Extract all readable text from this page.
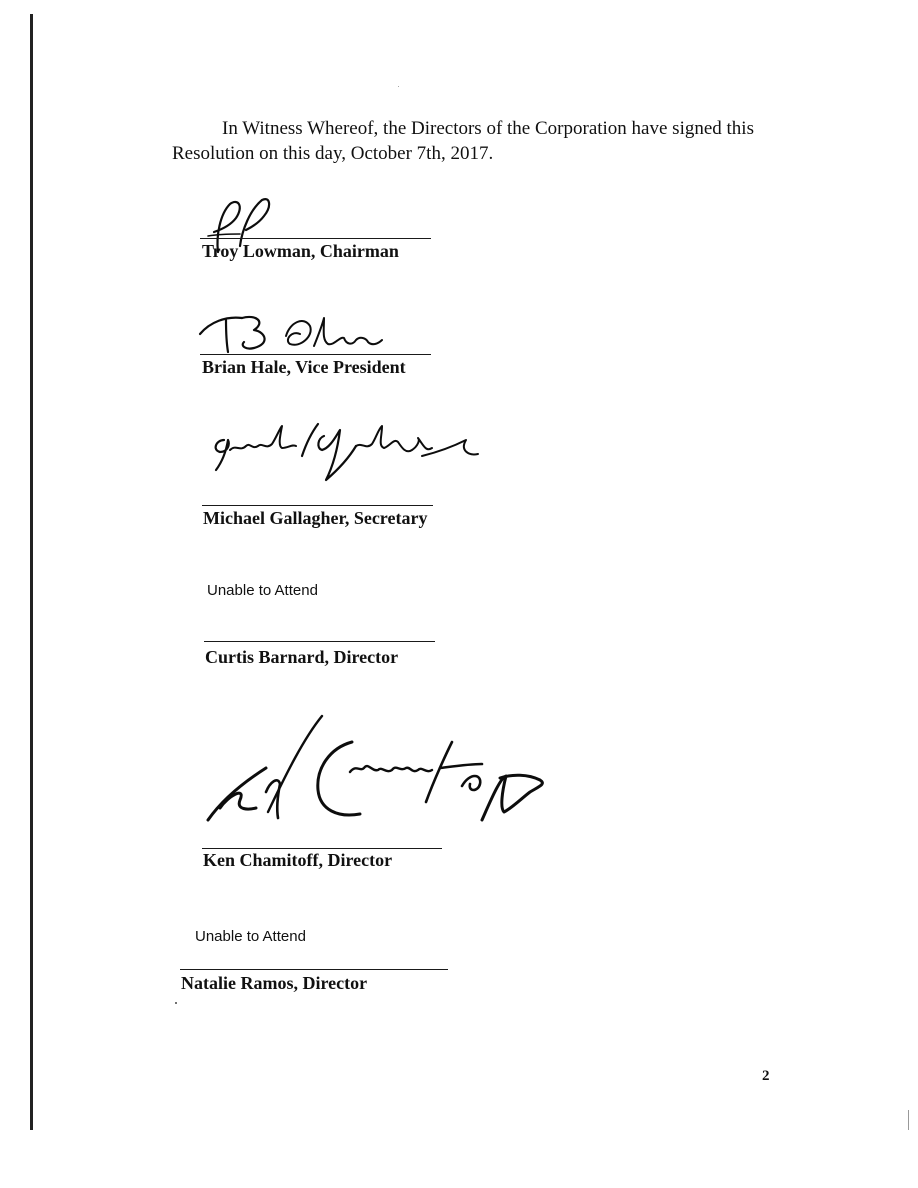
In Witness Whereof, the Directors of the Corporation have signed this Resolution on this day, October 7th, 2017.

Troy Lowman, Chairman
Brian Hale, Vice President
Michael Gallagher, Secretary
Unable to Attend
Curtis Barnard, Director
Ken Chamitoff, Director
Unable to Attend
Natalie Ramos, Director
2
